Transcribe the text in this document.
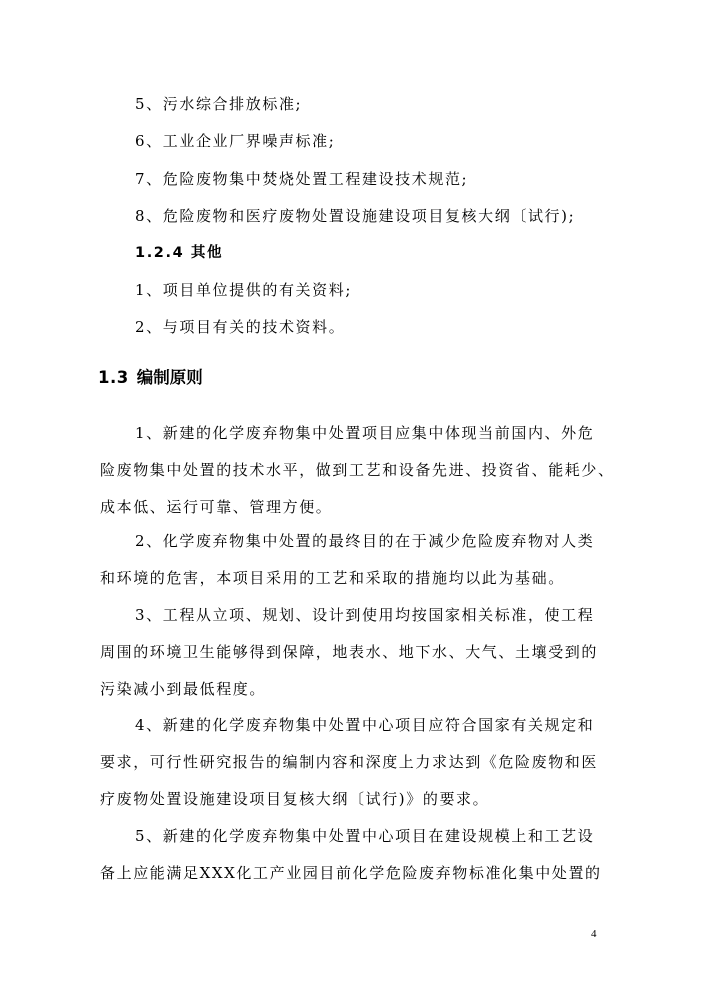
5、污水综合排放标准;

6、工业企业厂界噪声标准;

7、危险废物集中焚烧处置工程建设技术规范;

8、危险废物和医疗废物处置设施建设项目复核大纲〔试行);

1.2.4 其他

1、项目单位提供的有关资料;

2、与项目有关的技术资料。

1.3 编制原则

1、新建的化学废弃物集中处置项目应集中体现当前国内、外危

险废物集中处置的技术水平，做到工艺和设备先进、投资省、能耗少、

成本低、运行可靠、管理方便。

2、化学废弃物集中处置的最终目的在于减少危险废弃物对人类

和环境的危害，本项目采用的工艺和采取的措施均以此为基础。

3、工程从立项、规划、设计到使用均按国家相关标准，使工程

周围的环境卫生能够得到保障，地表水、地下水、大气、土壤受到的

污染减小到最低程度。

4、新建的化学废弃物集中处置中心项目应符合国家有关规定和

要求，可行性研究报告的编制内容和深度上力求达到《危险废物和医

疗废物处置设施建设项目复核大纲〔试行)》的要求。

5、新建的化学废弃物集中处置中心项目在建设规模上和工艺设

备上应能满足XXX化工产业园目前化学危险废弃物标准化集中处置的

4
